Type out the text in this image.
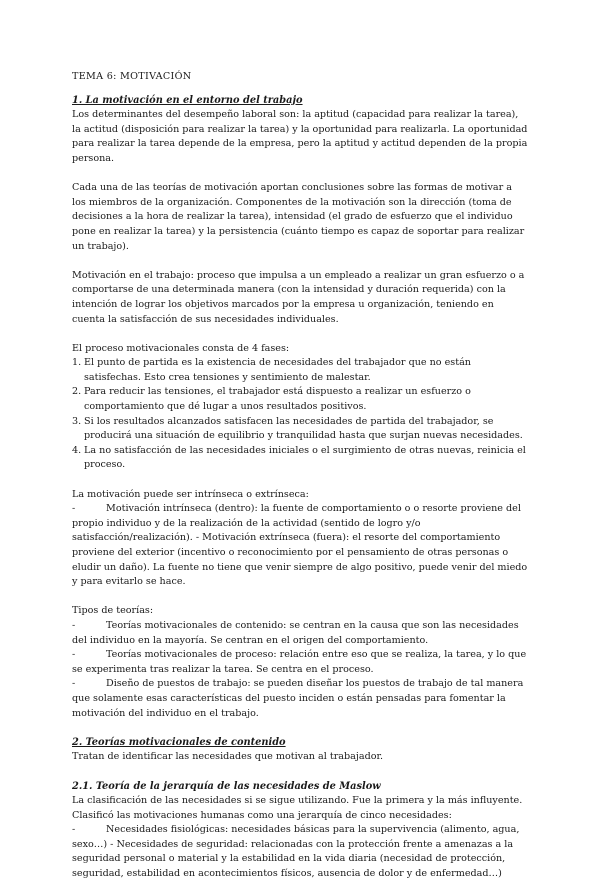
TEMA 6: MOTIVACIÓN

1. La motivación en el entorno del trabajo

Los determinantes del desempeño laboral son: la aptitud (capacidad para realizar la tarea), la actitud (disposición para realizar la tarea) y la oportunidad para realizarla. La oportunidad para realizar la tarea depende de la empresa, pero la aptitud y actitud dependen de la propia persona.

Cada una de las teorías de motivación aportan conclusiones sobre las formas de motivar a los miembros de la organización. Componentes de la motivación son la dirección (toma de decisiones a la hora de realizar la tarea), intensidad (el grado de esfuerzo que el individuo pone en realizar la tarea) y la persistencia (cuánto tiempo es capaz de soportar para realizar un trabajo).

Motivación en el trabajo: proceso que impulsa a un empleado a realizar un gran esfuerzo o a comportarse de una determinada manera (con la intensidad y duración requerida) con la intención de lograr los objetivos marcados por la empresa u organización, teniendo en cuenta la satisfacción de sus necesidades individuales.

El proceso motivacionales consta de 4 fases:

1. El punto de partida es la existencia de necesidades del trabajador que no están satisfechas. Esto crea tensiones y sentimiento de malestar.
2. Para reducir las tensiones, el trabajador está dispuesto a realizar un esfuerzo o comportamiento que dé lugar a unos resultados positivos.
3. Si los resultados alcanzados satisfacen las necesidades de partida del trabajador, se producirá una situación de equilibrio y tranquilidad hasta que surjan nuevas necesidades.
4. La no satisfacción de las necesidades iniciales o el surgimiento de otras nuevas, reinicia el proceso.

La motivación puede ser intrínseca o extrínseca:

-	Motivación intrínseca (dentro): la fuente de comportamiento o o resorte proviene del propio individuo y de la realización de la actividad (sentido de logro y/o satisfacción/realización). - Motivación extrínseca (fuera): el resorte del comportamiento proviene del exterior (incentivo o reconocimiento por el pensamiento de otras personas o eludir un daño). La fuente no tiene que venir siempre de algo positivo, puede venir del miedo y para evitarlo se hace.

Tipos de teorías:

-	Teorías motivacionales de contenido: se centran en la causa que son las necesidades del individuo en la mayoría. Se centran en el origen del comportamiento.

-	Teorías motivacionales de proceso: relación entre eso que se realiza, la tarea, y lo que se experimenta tras realizar la tarea. Se centra en el proceso.

-	Diseño de puestos de trabajo: se pueden diseñar los puestos de trabajo de tal manera que solamente esas características del puesto inciden o están pensadas para fomentar la motivación del individuo en el trabajo.

2. Teorías motivacionales de contenido

Tratan de identificar las necesidades que motivan al trabajador.

2.1. Teoría de la jerarquía de las necesidades de Maslow

La clasificación de las necesidades si se sigue utilizando. Fue la primera y la más influyente. Clasificó las motivaciones humanas como una jerarquía de cinco necesidades:

-	Necesidades fisiológicas: necesidades básicas para la supervivencia (alimento, agua, sexo…) - Necesidades de seguridad: relacionadas con la protección frente a amenazas a la seguridad personal o material y la estabilidad en la vida diaria (necesidad de protección, seguridad, estabilidad en acontecimientos físicos, ausencia de dolor y de enfermedad…)
